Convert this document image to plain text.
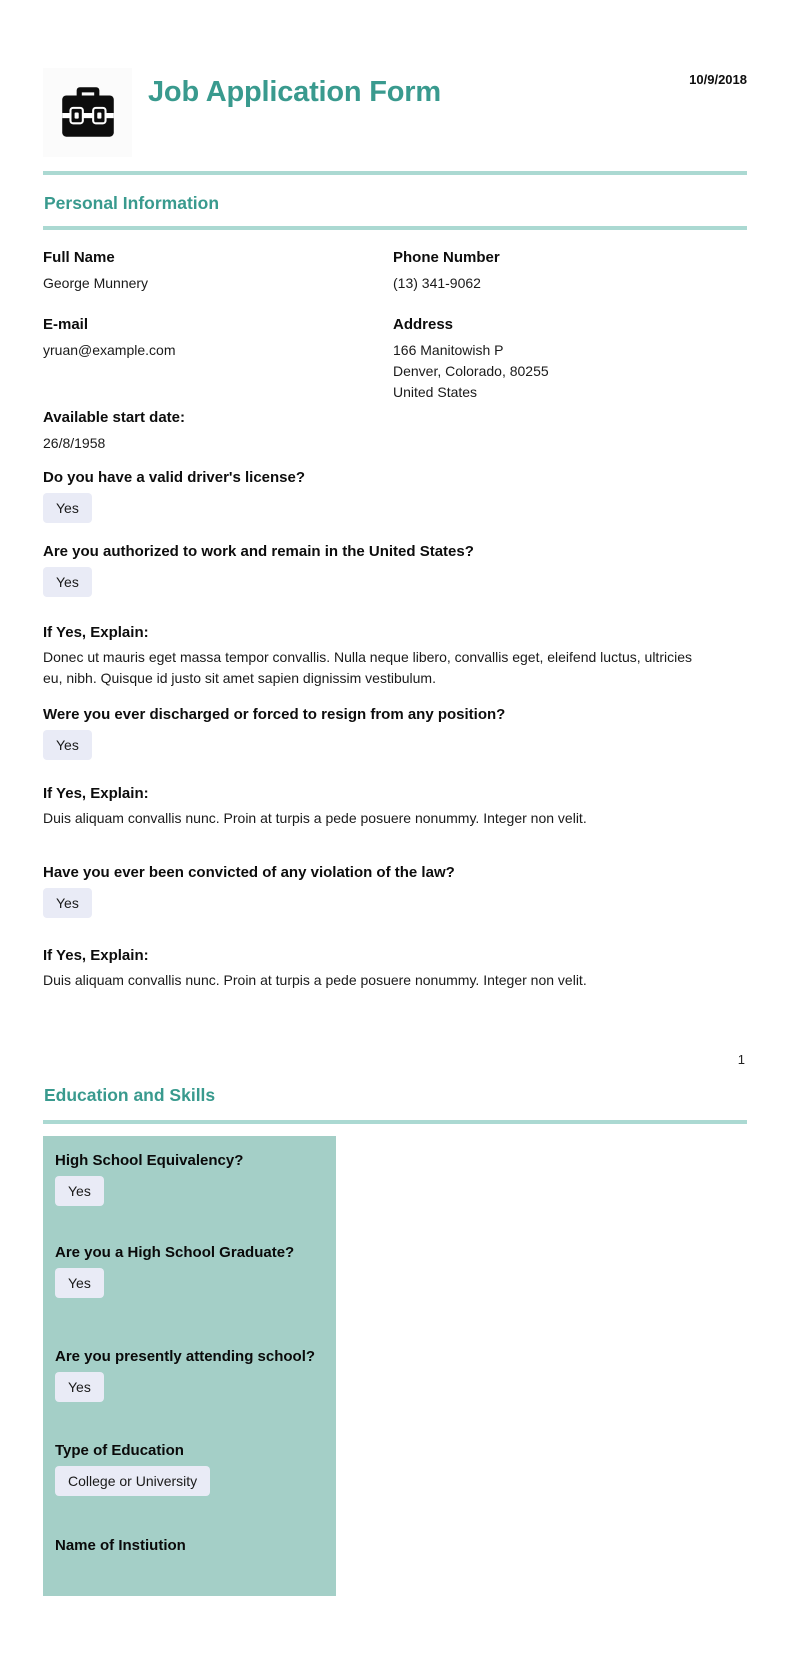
Job Application Form	10/9/2018
Personal Information
Full Name
George Munnery
Phone Number
(13) 341-9062
E-mail
yruan@example.com
Address
166 Manitowish P
Denver, Colorado, 80255
United States
Available start date:
26/8/1958
Do you have a valid driver's license?
Yes
Are you authorized to work and remain in the United States?
Yes
If Yes, Explain:

Donec ut mauris eget massa tempor convallis. Nulla neque libero, convallis eget, eleifend luctus, ultricies eu, nibh. Quisque id justo sit amet sapien dignissim vestibulum.

Were you ever discharged or forced to resign from any position?
Yes
If Yes, Explain:

Duis aliquam convallis nunc. Proin at turpis a pede posuere nonummy. Integer non velit.

Have you ever been convicted of any violation of the law?
Yes
If Yes, Explain:

Duis aliquam convallis nunc. Proin at turpis a pede posuere nonummy. Integer non velit.

1
Education and Skills
High School Equivalency?
Yes
Are you a High School Graduate?
Yes
Are you presently attending school?
Yes
Type of Education
College or University
Name of Instiution
